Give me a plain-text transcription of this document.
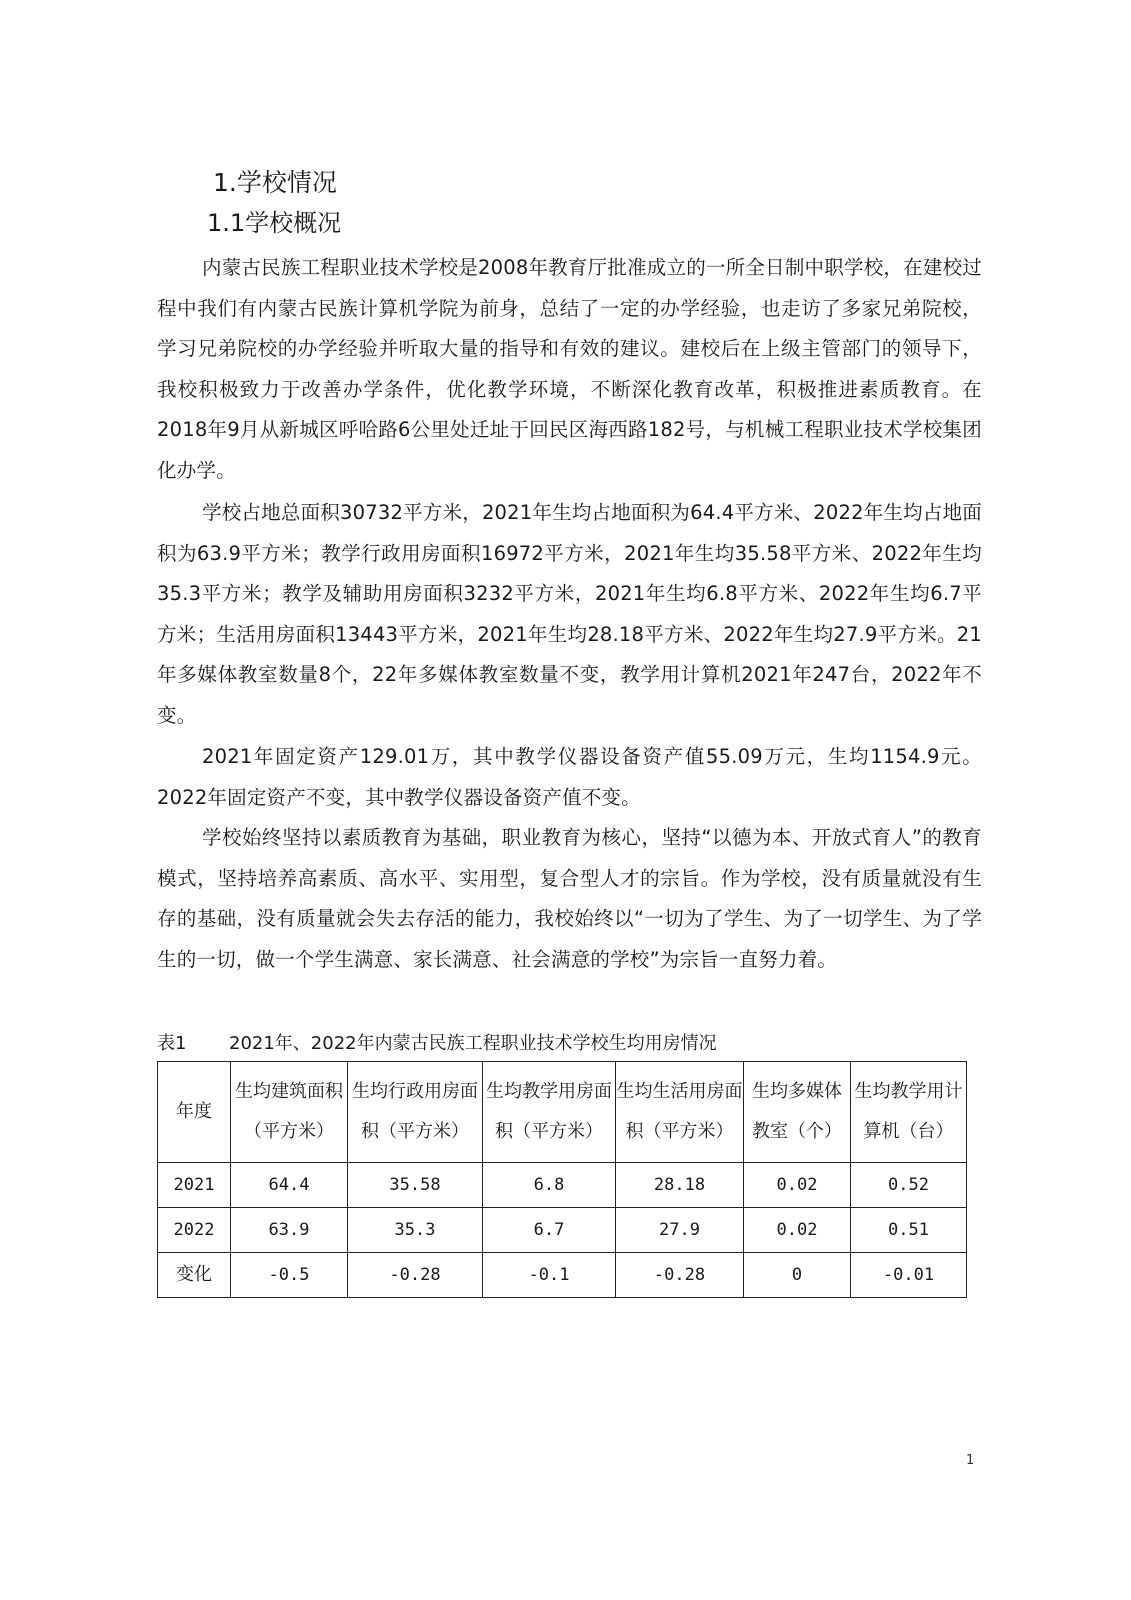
1.学校情况
1.1学校概况

内蒙古民族工程职业技术学校是2008年教育厅批准成立的一所全日制中职学校，在建校过程中我们有内蒙古民族计算机学院为前身，总结了一定的办学经验，也走访了多家兄弟院校，学习兄弟院校的办学经验并听取大量的指导和有效的建议。建校后在上级主管部门的领导下，我校积极致力于改善办学条件，优化教学环境，不断深化教育改革，积极推进素质教育。在2018年9月从新城区呼哈路6公里处迁址于回民区海西路182号，与机械工程职业技术学校集团化办学。

学校占地总面积30732平方米，2021年生均占地面积为64.4平方米、2022年生均占地面积为63.9平方米；教学行政用房面积16972平方米，2021年生均35.58平方米、2022年生均35.3平方米；教学及辅助用房面积3232平方米，2021年生均6.8平方米、2022年生均6.7平方米；生活用房面积13443平方米，2021年生均28.18平方米、2022年生均27.9平方米。21年多媒体教室数量8个，22年多媒体教室数量不变，教学用计算机2021年247台，2022年不变。

2021年固定资产129.01万，其中教学仪器设备资产值55.09万元，生均1154.9元。2022年固定资产不变，其中教学仪器设备资产值不变。

学校始终坚持以素质教育为基础，职业教育为核心，坚持“以德为本、开放式育人”的教育模式，坚持培养高素质、高水平、实用型，复合型人才的宗旨。作为学校，没有质量就没有生存的基础，没有质量就会失去存活的能力，我校始终以“一切为了学生、为了一切学生、为了学生的一切，做一个学生满意、家长满意、社会满意的学校”为宗旨一直努力着。

表1 2021年、2022年内蒙古民族工程职业技术学校生均用房情况
年度	生均建筑面积（平方米）	生均行政用房面积（平方米）	生均教学用房面积（平方米）	生均生活用房面积（平方米）	生均多媒体教室（个）	生均教学用计算机（台）
2021	64.4	35.58	6.8	28.18	0.02	0.52
2022	63.9	35.3	6.7	27.9	0.02	0.51
变化	-0.5	-0.28	-0.1	-0.28	0	-0.01
1
